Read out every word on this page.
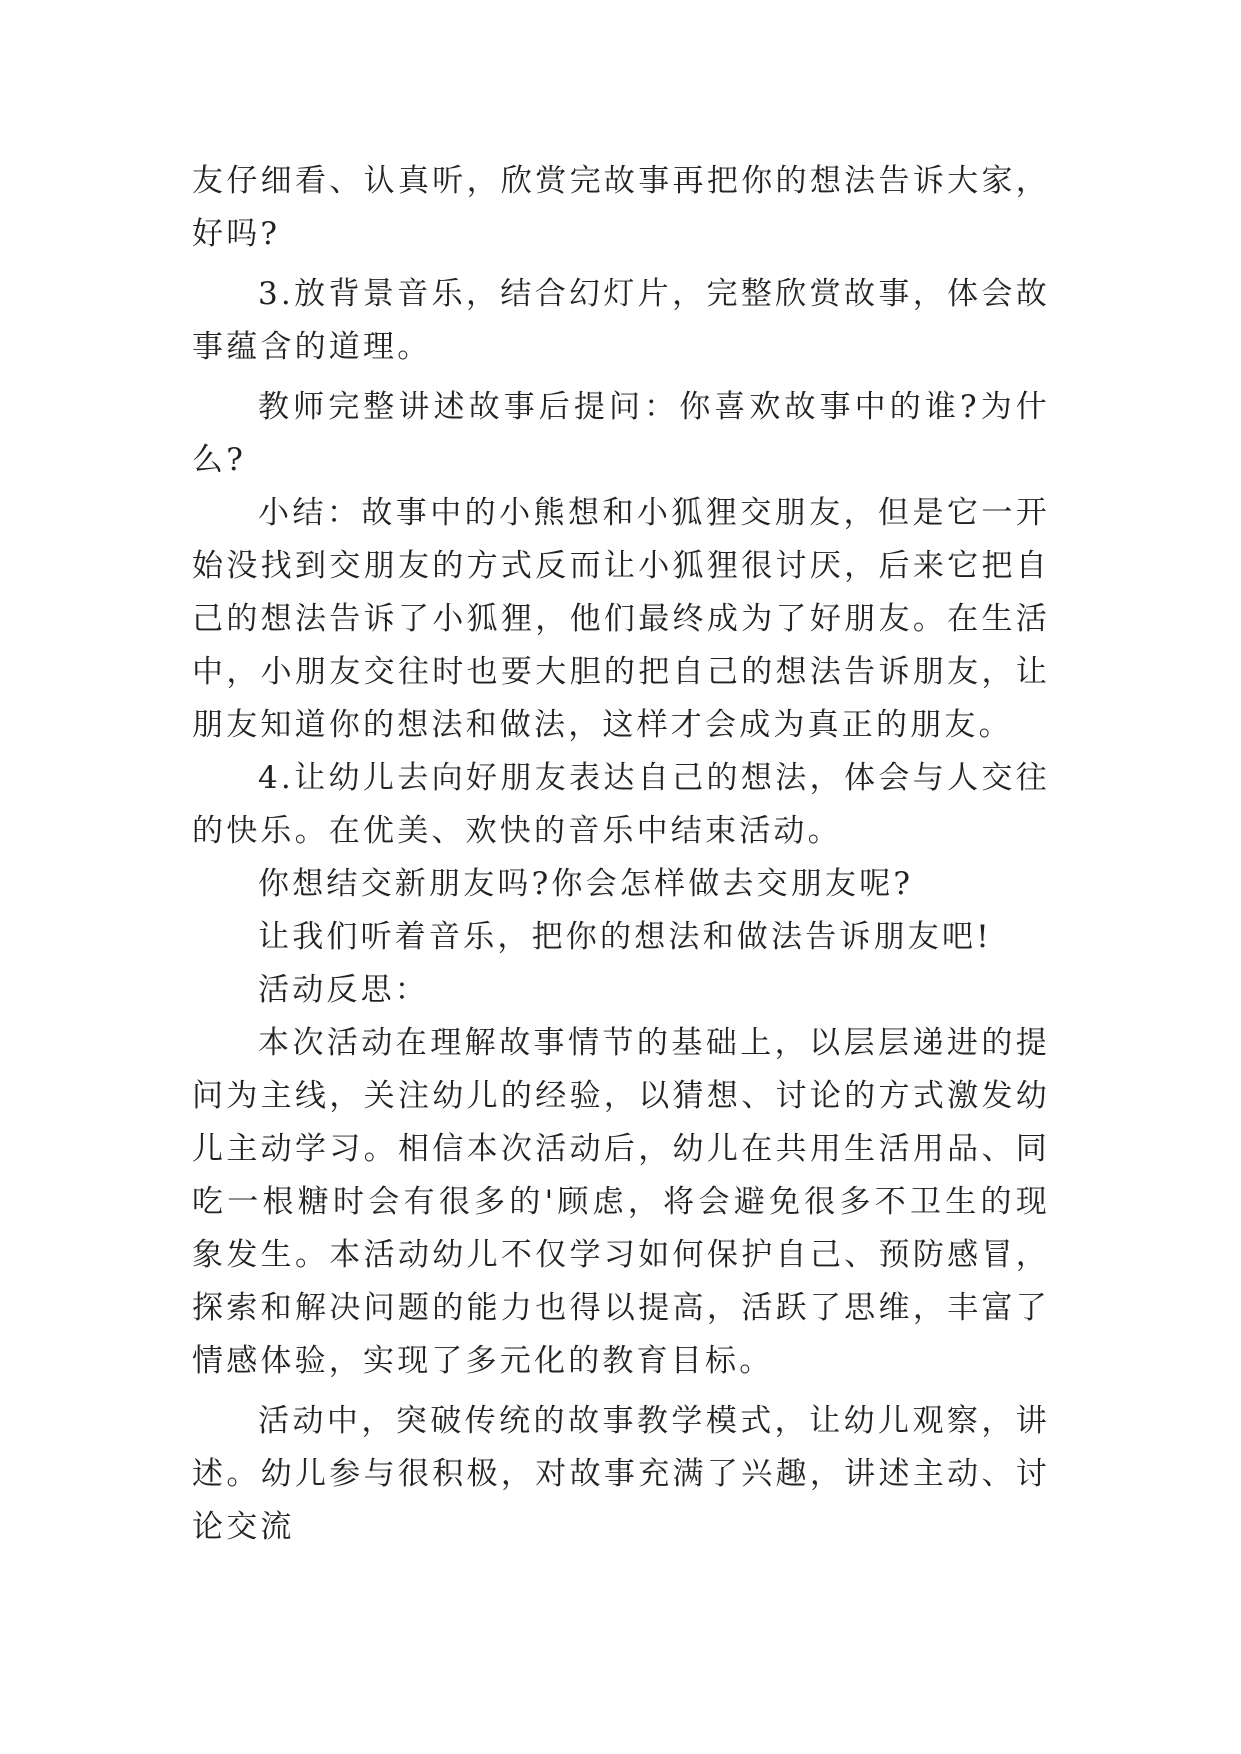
友仔细看、认真听，欣赏完故事再把你的想法告诉大家，好吗?

3.放背景音乐，结合幻灯片，完整欣赏故事，体会故事蕴含的道理。

教师完整讲述故事后提问：你喜欢故事中的谁?为什么?

小结：故事中的小熊想和小狐狸交朋友，但是它一开始没找到交朋友的方式反而让小狐狸很讨厌，后来它把自己的想法告诉了小狐狸，他们最终成为了好朋友。在生活中，小朋友交往时也要大胆的把自己的想法告诉朋友，让朋友知道你的想法和做法，这样才会成为真正的朋友。

4.让幼儿去向好朋友表达自己的想法，体会与人交往的快乐。在优美、欢快的音乐中结束活动。

你想结交新朋友吗?你会怎样做去交朋友呢?

让我们听着音乐，把你的想法和做法告诉朋友吧!

活动反思：

本次活动在理解故事情节的基础上，以层层递进的提问为主线，关注幼儿的经验，以猜想、讨论的方式激发幼儿主动学习。相信本次活动后，幼儿在共用生活用品、同吃一根糖时会有很多的'顾虑，将会避免很多不卫生的现象发生。本活动幼儿不仅学习如何保护自己、预防感冒，探索和解决问题的能力也得以提高，活跃了思维，丰富了情感体验，实现了多元化的教育目标。

活动中，突破传统的故事教学模式，让幼儿观察，讲述。幼儿参与很积极，对故事充满了兴趣，讲述主动、讨论交流
